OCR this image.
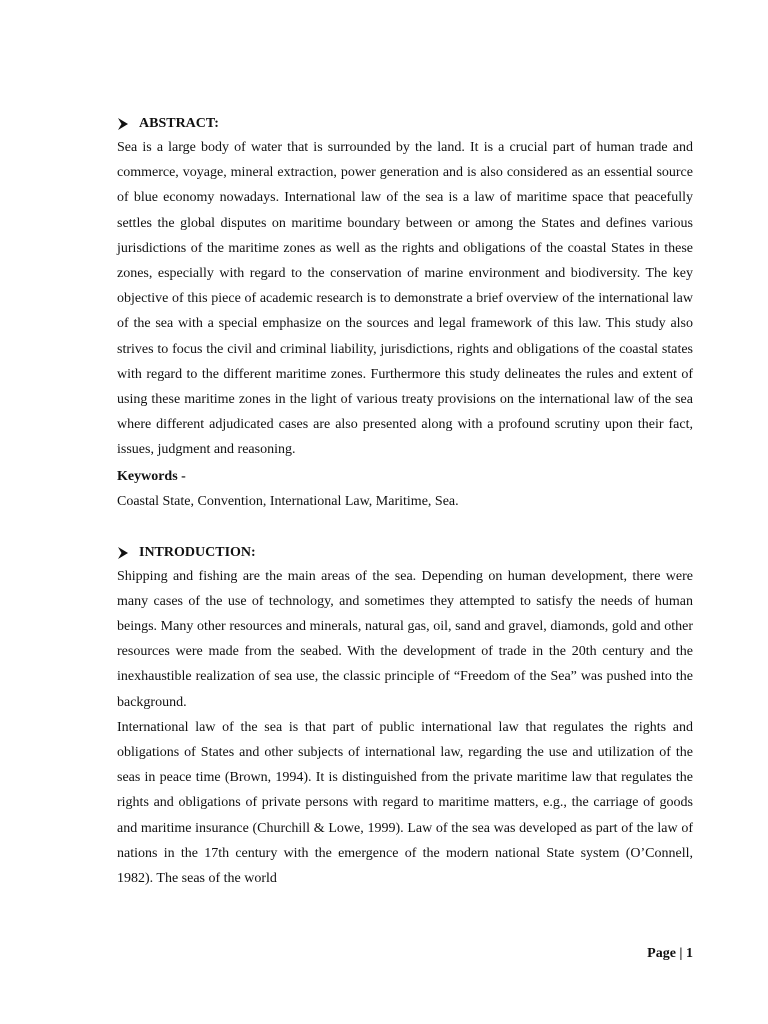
ABSTRACT:

Sea is a large body of water that is surrounded by the land. It is a crucial part of human trade and commerce, voyage, mineral extraction, power generation and is also considered as an essential source of blue economy nowadays. International law of the sea is a law of maritime space that peacefully settles the global disputes on maritime boundary between or among the States and defines various jurisdictions of the maritime zones as well as the rights and obligations of the coastal States in these zones, especially with regard to the conservation of marine environment and biodiversity. The key objective of this piece of academic research is to demonstrate a brief overview of the international law of the sea with a special emphasize on the sources and legal framework of this law. This study also strives to focus the civil and criminal liability, jurisdictions, rights and obligations of the coastal states with regard to the different maritime zones. Furthermore this study delineates the rules and extent of using these maritime zones in the light of various treaty provisions on the international law of the sea where different adjudicated cases are also presented along with a profound scrutiny upon their fact, issues, judgment and reasoning.

Keywords -
Coastal State, Convention, International Law, Maritime, Sea.
INTRODUCTION:

Shipping and fishing are the main areas of the sea. Depending on human development, there were many cases of the use of technology, and sometimes they attempted to satisfy the needs of human beings. Many other resources and minerals, natural gas, oil, sand and gravel, diamonds, gold and other resources were made from the seabed. With the development of trade in the 20th century and the inexhaustible realization of sea use, the classic principle of “Freedom of the Sea” was pushed into the background.

International law of the sea is that part of public international law that regulates the rights and obligations of States and other subjects of international law, regarding the use and utilization of the seas in peace time (Brown, 1994). It is distinguished from the private maritime law that regulates the rights and obligations of private persons with regard to maritime matters, e.g., the carriage of goods and maritime insurance (Churchill & Lowe, 1999). Law of the sea was developed as part of the law of nations in the 17th century with the emergence of the modern national State system (O’Connell, 1982). The seas of the world

Page | 1
